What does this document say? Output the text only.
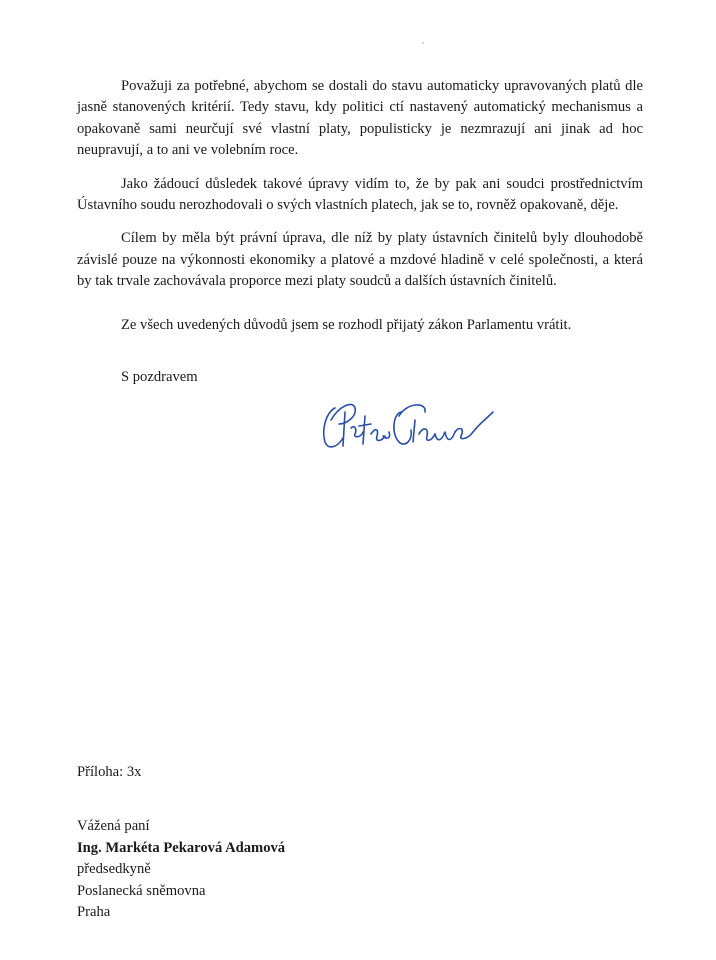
Považuji za potřebné, abychom se dostali do stavu automaticky upravovaných platů dle jasně stanovených kritérií. Tedy stavu, kdy politici ctí nastavený automatický mechanismus a opakovaně sami neurčují své vlastní platy, populisticky je nezmrazují ani jinak ad hoc neupravují, a to ani ve volebním roce.

Jako žádoucí důsledek takové úpravy vidím to, že by pak ani soudci prostřednictvím Ústavního soudu nerozhodovali o svých vlastních platech, jak se to, rovněž opakovaně, děje.

Cílem by měla být právní úprava, dle níž by platy ústavních činitelů byly dlouhodobě závislé pouze na výkonnosti ekonomiky a platové a mzdové hladině v celé společnosti, a která by tak trvale zachovávala proporce mezi platy soudců a dalších ústavních činitelů.

Ze všech uvedených důvodů jsem se rozhodl přijatý zákon Parlamentu vrátit.

S pozdravem

Příloha: 3x

Vážená paní
Ing. Markéta Pekarová Adamová
předsedkyně
Poslanecká sněmovna
Praha
